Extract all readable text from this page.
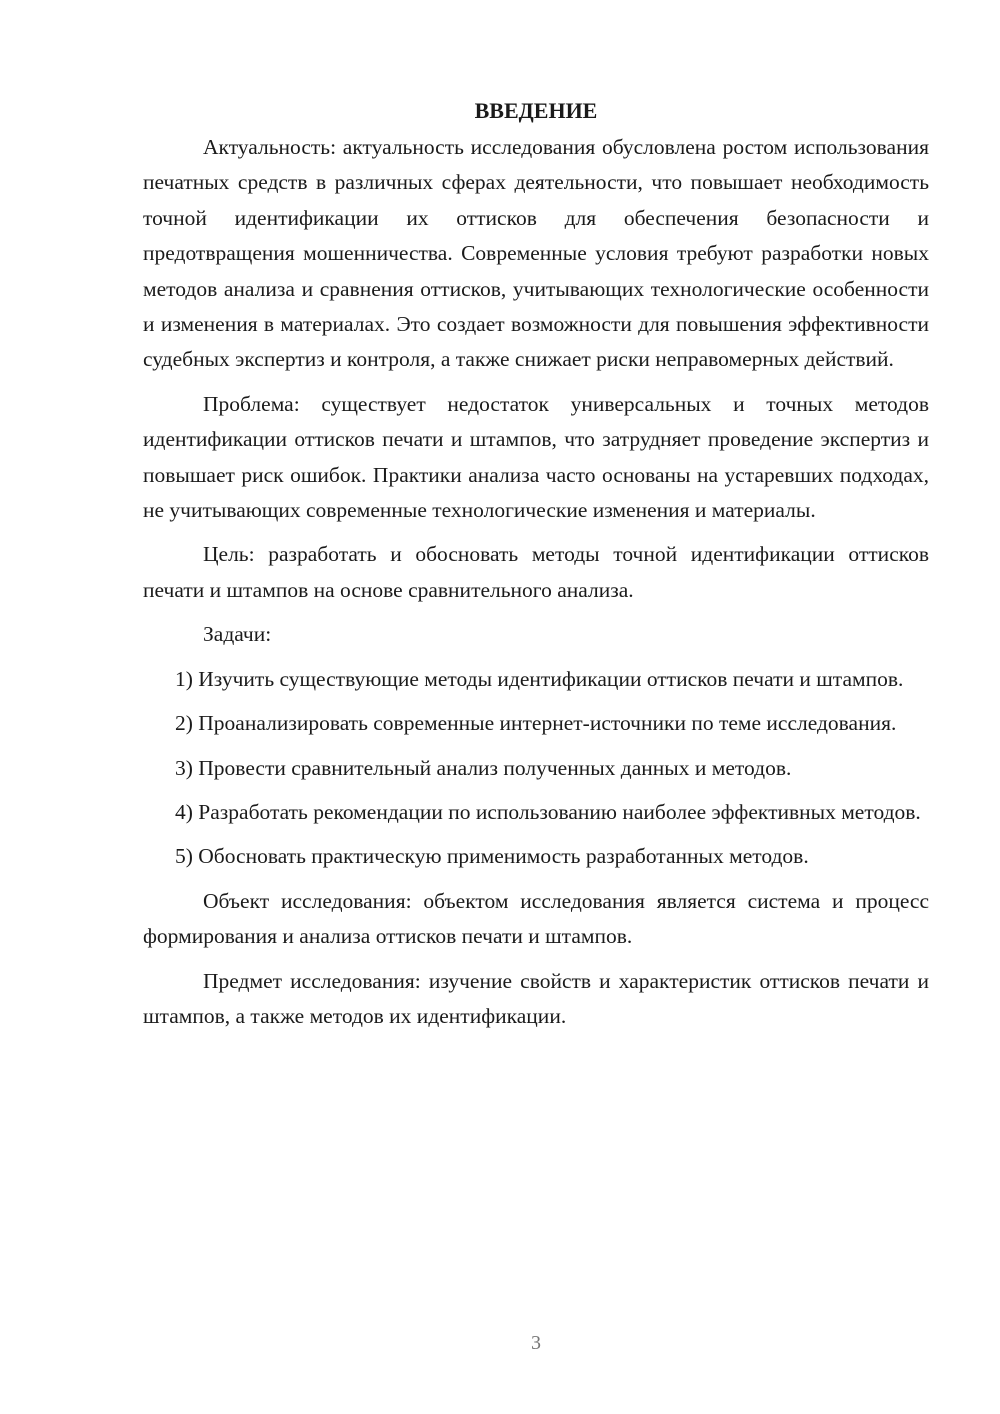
ВВЕДЕНИЕ

Актуальность: актуальность исследования обусловлена ростом использования печатных средств в различных сферах деятельности, что повышает необходимость точной идентификации их оттисков для обеспечения безопасности и предотвращения мошенничества. Современные условия требуют разработки новых методов анализа и сравнения оттисков, учитывающих технологические особенности и изменения в материалах. Это создает возможности для повышения эффективности судебных экспертиз и контроля, а также снижает риски неправомерных действий.

Проблема: существует недостаток универсальных и точных методов идентификации оттисков печати и штампов, что затрудняет проведение экспертиз и повышает риск ошибок. Практики анализа часто основаны на устаревших подходах, не учитывающих современные технологические изменения и материалы.

Цель: разработать и обосновать методы точной идентификации оттисков печати и штампов на основе сравнительного анализа.

Задачи:

1) Изучить существующие методы идентификации оттисков печати и штампов.

2) Проанализировать современные интернет-источники по теме исследования.

3) Провести сравнительный анализ полученных данных и методов.

4) Разработать рекомендации по использованию наиболее эффективных методов.

5) Обосновать практическую применимость разработанных методов.

Объект исследования: объектом исследования является система и процесс формирования и анализа оттисков печати и штампов.

Предмет исследования: изучение свойств и характеристик оттисков печати и штампов, а также методов их идентификации.

3
